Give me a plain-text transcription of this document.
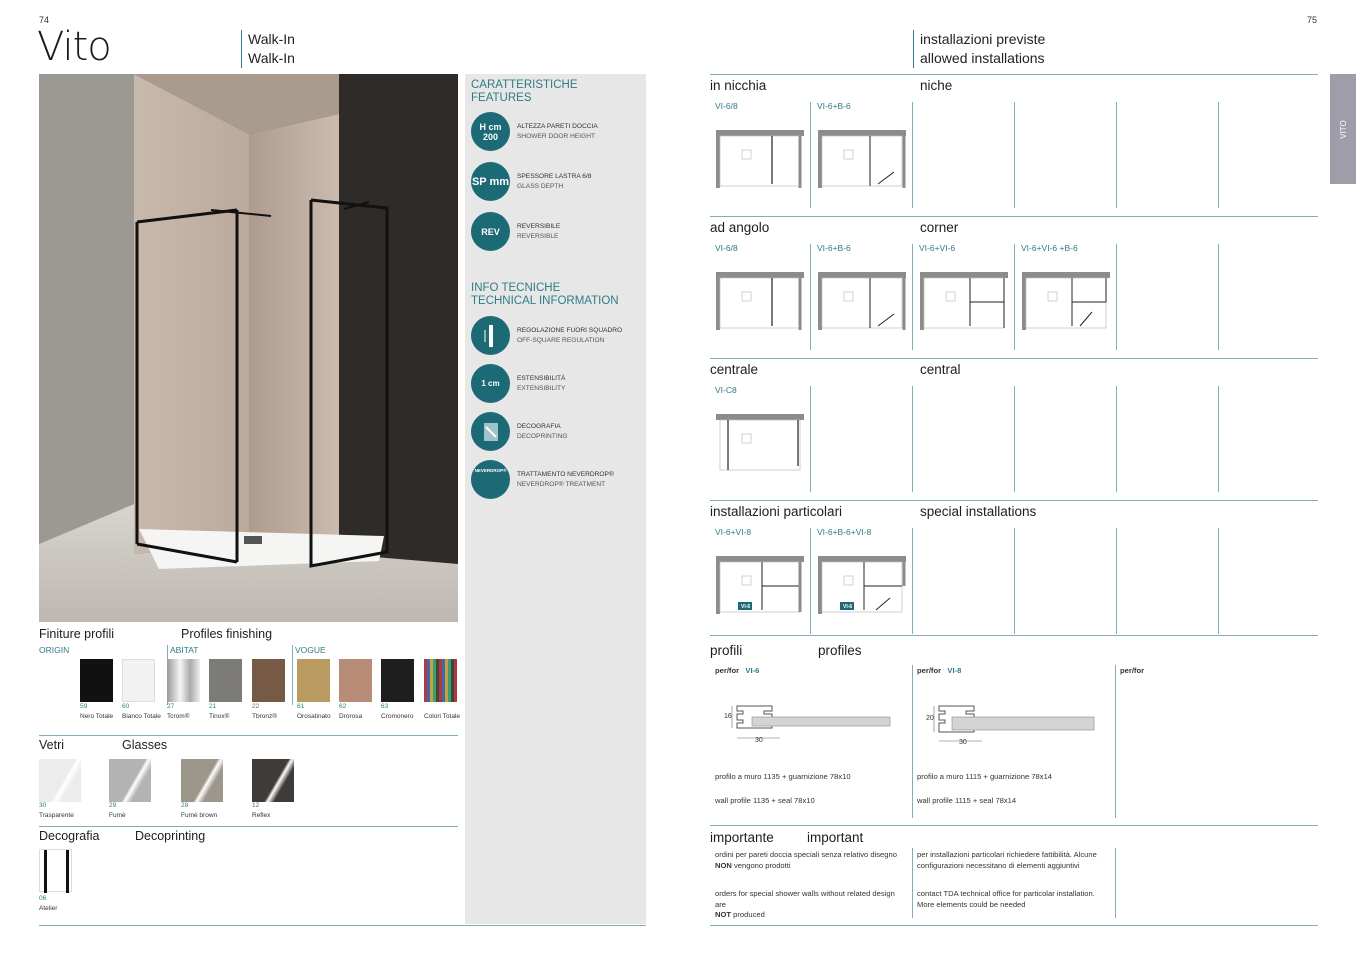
74
Vito	Walk-In
Walk-In
CARATTERISTICHE
FEATURES
H cm 200
ALTEZZA PARETI DOCCIA
SHOWER DOOR HEIGHT
SP mm SPESSORE LASTRA 6/8
GLASS DEPTH
REV	REVERSIBILE
REVERSIBLE
INFO TECNICHE
TECHNICAL INFORMATION
REGOLAZIONE FUORI SQUADRO
OFF-SQUARE REGULATION
1 cm	ESTENSIBILITÀ
EXTENSIBILITY
DECOGRAFIA
DECOPRINTING
NEVERDROP®
TRATTAMENTO NEVERDROP®
NEVERDROP® TREATMENT
Finiture profili	Profiles finishing
ORIGIN	ABITAT	VOGUE
59
Nero Totale
60
Bianco Totale
27
Tcrom®
21
Tinox®
22
Tbronz®
61
Orosatinato
62
Drorosa
63
Cromonero	Colori Totale
Vetri	Glasses
30
Trasparente
29
Fumè
28
Fumè brown
12
Reflex
Decografia	Decoprinting
06
Atelier
75
installazioni previste
allowed installations
VITO
in nicchia	niche
VI-6/8	VI-6+B-6
ad angolo	corner
VI-6/8	VI-6+B-6	VI-6+VI-6	VI-6+VI-6 +B-6
centrale	central
VI-C8
installazioni particolari	special installations
VI-6+VI-8
VI-6
VI-6+B-6+VI-8
VI-6
profili	profiles
per/for VI-6	per/for VI-8	per/for
16
30
20
30
profilo a muro 1135 + guarnizione 78x10
wall profile 1135 + seal 78x10
profilo a muro 1115 + guarnizione 78x14
wall profile 1115 + seal 78x14
importante important
ordini per pareti doccia speciali senza relativo disegno
NON vengono prodotti
orders for special shower walls without related design are
NOT produced
per installazioni particolari richiedere fattibilità. Alcune configurazioni necessitano di elementi aggiuntivi
contact TDA technical office for particolar installation. More elements could be needed
